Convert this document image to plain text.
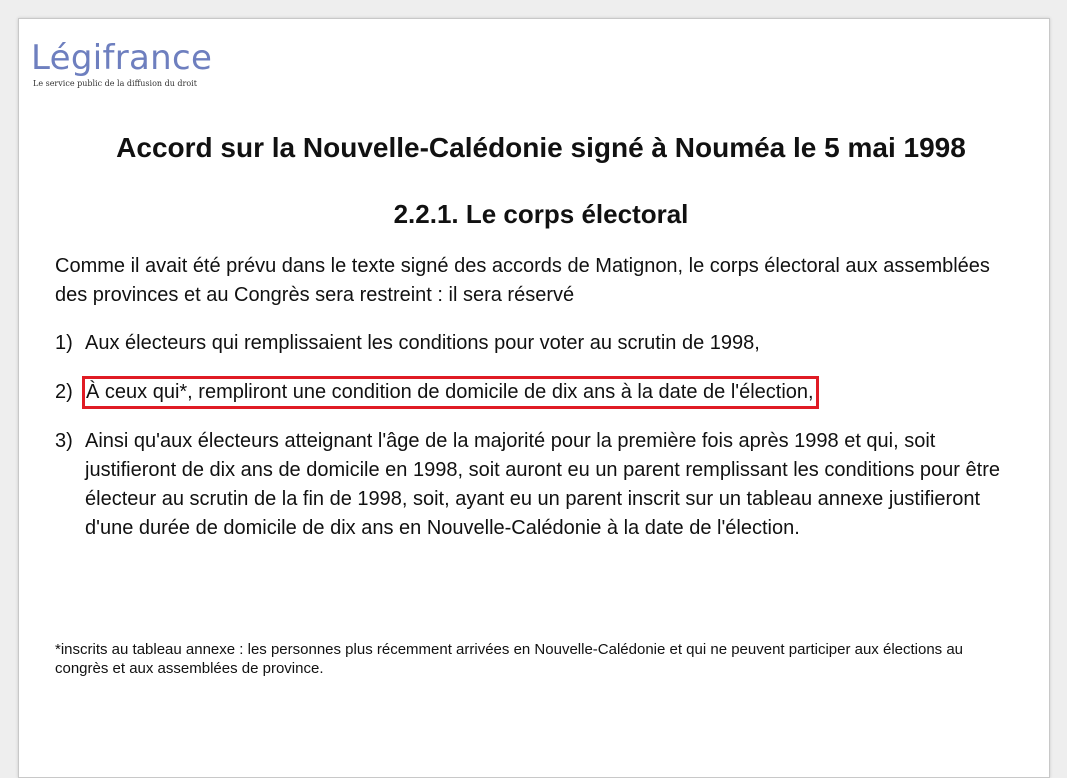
Légifrance
Le service public de la diffusion du droit
Accord sur la Nouvelle-Calédonie signé à Nouméa le 5 mai 1998
2.2.1. Le corps électoral

Comme il avait été prévu dans le texte signé des accords de Matignon, le corps électoral aux assemblées des provinces et au Congrès sera restreint : il sera réservé

1) Aux électeurs qui remplissaient les conditions pour voter au scrutin de 1998,
2) À ceux qui*, rempliront une condition de domicile de dix ans à la date de l'élection,
3) Ainsi qu'aux électeurs atteignant l'âge de la majorité pour la première fois après 1998 et qui, soit justifieront de dix ans de domicile en 1998, soit auront eu un parent remplissant les conditions pour être électeur au scrutin de la fin de 1998, soit, ayant eu un parent inscrit sur un tableau annexe justifieront d'une durée de domicile de dix ans en Nouvelle-Calédonie à la date de l'élection.

*inscrits au tableau annexe : les personnes plus récemment arrivées en Nouvelle-Calédonie et qui ne peuvent participer aux élections au congrès et aux assemblées de province.
